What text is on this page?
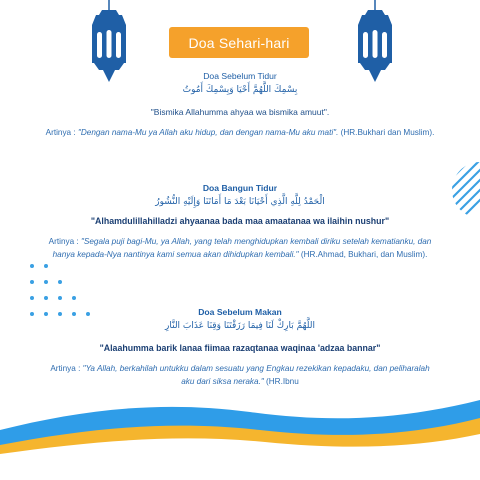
Doa Sehari-hari
Doa Sebelum Tidur
بِسْمِكَ اللَّهُمَّ أَحْيَا وَبِسْمِكَ أَمُوتُ
"Bismika Allahumma ahyaa wa bismika amuut".
Artinya : "Dengan nama-Mu ya Allah aku hidup, dan dengan nama-Mu aku mati". (HR.Bukhari dan Muslim).
Doa Bangun Tidur
الْحَمْدُ لِلَّهِ الَّذِي أَحْيَانَا بَعْدَ مَا أَمَاتَنَا وَإِلَيْهِ النُّشُورُ
"Alhamdulillahilladzi ahyaanaa bada maa amaatanaa wa ilaihin nushur"
Artinya : "Segala puji bagi-Mu, ya Allah, yang telah menghidupkan kembali diriku setelah kematianku, dan hanya kepada-Nya nantinya kami semua akan dihidupkan kembali." (HR.Ahmad, Bukhari, dan Muslim).
Doa Sebelum Makan
اللَّهُمَّ بَارِكْ لَنَا فِيمَا رَزَقْتَنَا وَقِنَا عَذَابَ النَّارِ
"Alaahumma barik lanaa fiimaa razaqtanaa waqinaa 'adzaa bannar"
Artinya : "Ya Allah, berkahilah untukku dalam sesuatu yang Engkau rezekikan kepadaku, dan peliharalah aku dari siksa neraka." (HR.Ibnu
